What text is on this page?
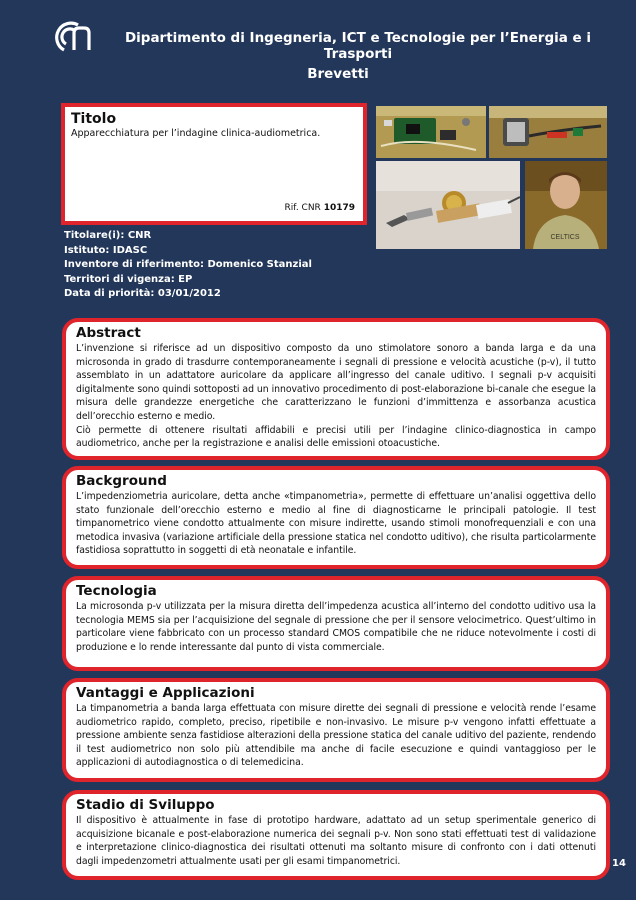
Dipartimento di Ingegneria, ICT e Tecnologie per l’Energia e i Trasporti
Brevetti
Titolo
Apparecchiatura per l’indagine clinica-audiometrica.
Rif. CNR 10179
CELTICS
Titolare(i): CNR
Istituto: IDASC
Inventore di riferimento: Domenico Stanzial
Territori di vigenza: EP
Data di priorità: 03/01/2012
Abstract
L’invenzione si riferisce ad un dispositivo composto da uno stimolatore sonoro a banda larga e da una microsonda in grado di trasdurre contemporaneamente i segnali di pressione e velocità acustiche (p-v), il tutto assemblato in un adattatore auricolare da applicare all’ingresso del canale uditivo. I segnali p-v acquisiti digitalmente sono quindi sottoposti ad un innovativo procedimento di post-elaborazione bi-canale che esegue la misura delle grandezze energetiche che caratterizzano le funzioni d’immittenza e assorbanza acustica dell’orecchio esterno e medio.
Ciò permette di ottenere risultati affidabili e precisi utili per l’indagine clinico-diagnostica in campo audiometrico, anche per la registrazione e analisi delle emissioni otoacustiche.
Background
L’impedenziometria auricolare, detta anche «timpanometria», permette di effettuare un’analisi oggettiva dello stato funzionale dell’orecchio esterno e medio al fine di diagnosticarne le principali patologie. Il test timpanometrico viene condotto attualmente con misure indirette, usando stimoli monofrequenziali e con una metodica invasiva (variazione artificiale della pressione statica nel condotto uditivo), che risulta particolarmente fastidiosa soprattutto in soggetti di età neonatale e infantile.
Tecnologia
La microsonda p-v utilizzata per la misura diretta dell’impedenza acustica all’interno del condotto uditivo usa la tecnologia MEMS sia per l’acquisizione del segnale di pressione che per il sensore velocimetrico. Quest’ultimo in particolare viene fabbricato con un processo standard CMOS compatibile che ne riduce notevolmente i costi di produzione e lo rende interessante dal punto di vista commerciale.
Vantaggi e Applicazioni
La timpanometria a banda larga effettuata con misure dirette dei segnali di pressione e velocità rende l’esame audiometrico rapido, completo, preciso, ripetibile e non-invasivo. Le misure p-v vengono infatti effettuate a pressione ambiente senza fastidiose alterazioni della pressione statica del canale uditivo del paziente, rendendo il test audiometrico non solo più attendibile ma anche di facile esecuzione e quindi vantaggioso per le applicazioni di autodiagnostica o di telemedicina.
Stadio di Sviluppo
Il dispositivo è attualmente in fase di prototipo hardware, adattato ad un setup sperimentale generico di acquisizione bicanale e post-elaborazione numerica dei segnali p-v. Non sono stati effettuati test di validazione e interpretazione clinico-diagnostica dei risultati ottenuti ma soltanto misure di confronto con i dati ottenuti dagli impedenzometri attualmente usati per gli esami timpanometrici.	14
